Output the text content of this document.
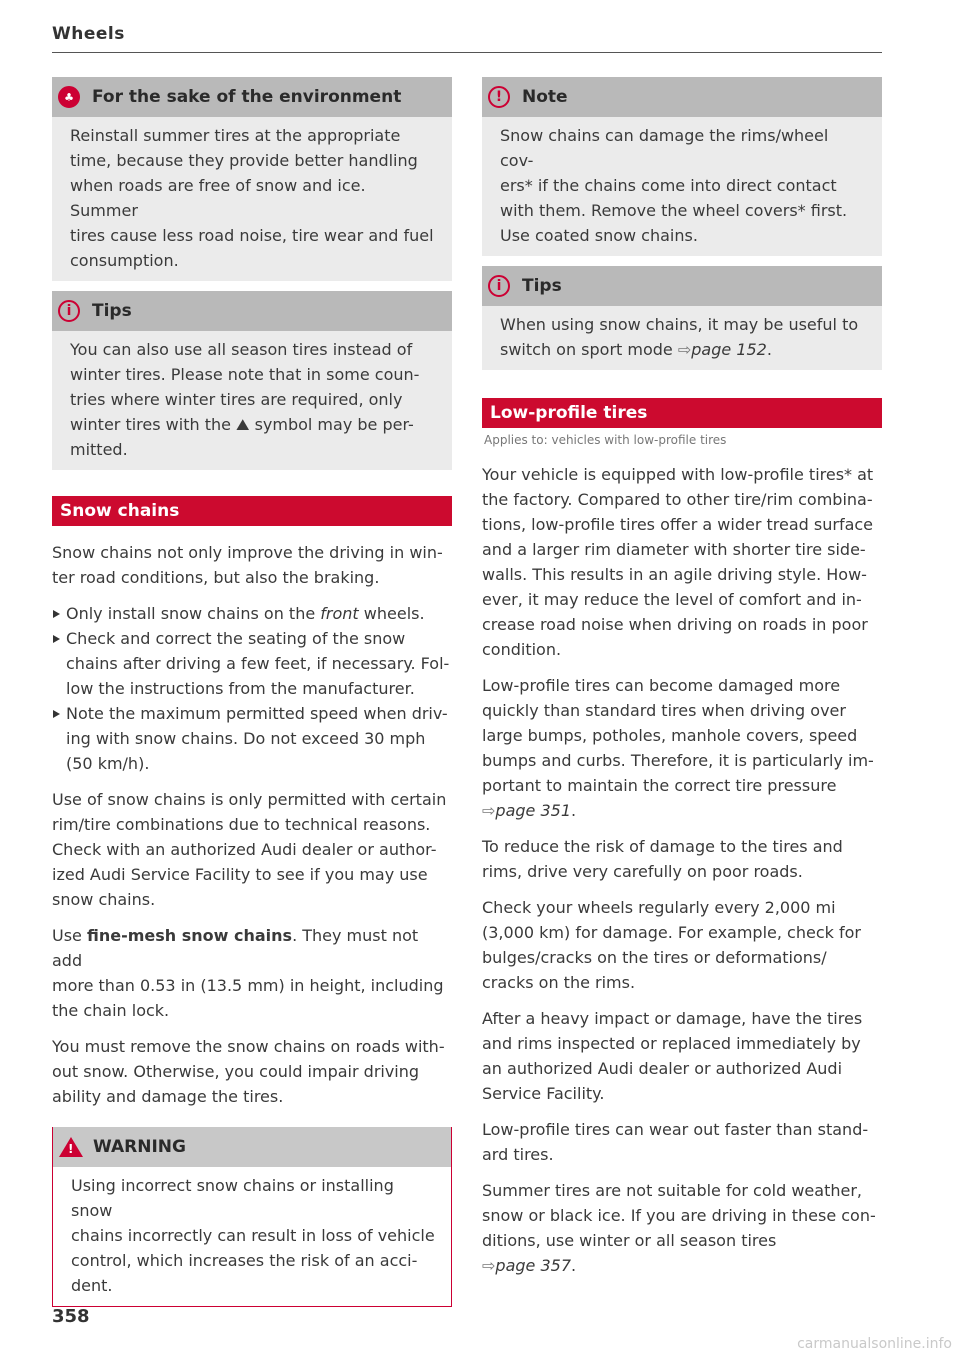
Wheels
♣	For the sake of the environment

Reinstall summer tires at the appropriate

time, because they provide better handling

when roads are free of snow and ice. Summer

tires cause less road noise, tire wear and fuel

consumption.

i	Tips

You can also use all season tires instead of

winter tires. Please note that in some coun-

tries where winter tires are required, only

winter tires with the ⛰ symbol may be per-

mitted.

Snow chains

Snow chains not only improve the driving in win-

ter road conditions, but also the braking.

Only install snow chains on the front wheels.
Check and correct the seating of the snow
chains after driving a few feet, if necessary. Fol-
low the instructions from the manufacturer.
Note the maximum permitted speed when driv-
ing with snow chains. Do not exceed 30 mph
(50 km/h).

Use of snow chains is only permitted with certain

rim/tire combinations due to technical reasons.

Check with an authorized Audi dealer or author-

ized Audi Service Facility to see if you may use

snow chains.

Use fine-mesh snow chains. They must not add

more than 0.53 in (13.5 mm) in height, including

the chain lock.

You must remove the snow chains on roads with-

out snow. Otherwise, you could impair driving

ability and damage the tires.

! WARNING

Using incorrect snow chains or installing snow

chains incorrectly can result in loss of vehicle

control, which increases the risk of an acci-

dent.

!	Note

Snow chains can damage the rims/wheel cov-

ers* if the chains come into direct contact

with them. Remove the wheel covers* first.

Use coated snow chains.

i	Tips

When using snow chains, it may be useful to

switch on sport mode ⇨page 152.

Low-profile tires
Applies to: vehicles with low-profile tires

Your vehicle is equipped with low-profile tires* at

the factory. Compared to other tire/rim combina-

tions, low-profile tires offer a wider tread surface

and a larger rim diameter with shorter tire side-

walls. This results in an agile driving style. How-

ever, it may reduce the level of comfort and in-

crease road noise when driving on roads in poor

condition.

Low-profile tires can become damaged more

quickly than standard tires when driving over

large bumps, potholes, manhole covers, speed

bumps and curbs. Therefore, it is particularly im-

portant to maintain the correct tire pressure

⇨page 351.

To reduce the risk of damage to the tires and

rims, drive very carefully on poor roads.

Check your wheels regularly every 2,000 mi

(3,000 km) for damage. For example, check for

bulges/cracks on the tires or deformations/

cracks on the rims.

After a heavy impact or damage, have the tires

and rims inspected or replaced immediately by

an authorized Audi dealer or authorized Audi

Service Facility.

Low-profile tires can wear out faster than stand-

ard tires.

Summer tires are not suitable for cold weather,

snow or black ice. If you are driving in these con-

ditions, use winter or all season tires

⇨page 357.

358
carmanualsonline.info
